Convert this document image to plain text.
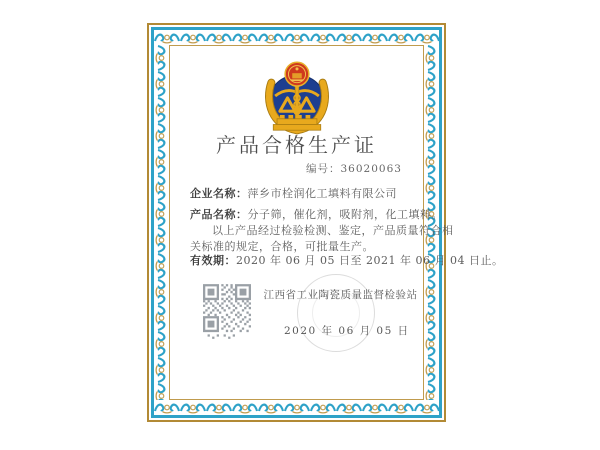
产品合格生产证
编号：36020063
企业名称：萍乡市栓润化工填料有限公司
产品名称：分子筛，催化剂，吸附剂，化工填料。
以上产品经过检验检测、鉴定，产品质量符合相
关标准的规定，合格，可批量生产。
有效期：2020 年 06 月 05 日至 2021 年 06 月 04 日止。
江西省工业陶瓷质量监督检验站
2020 年 06 月 05 日
